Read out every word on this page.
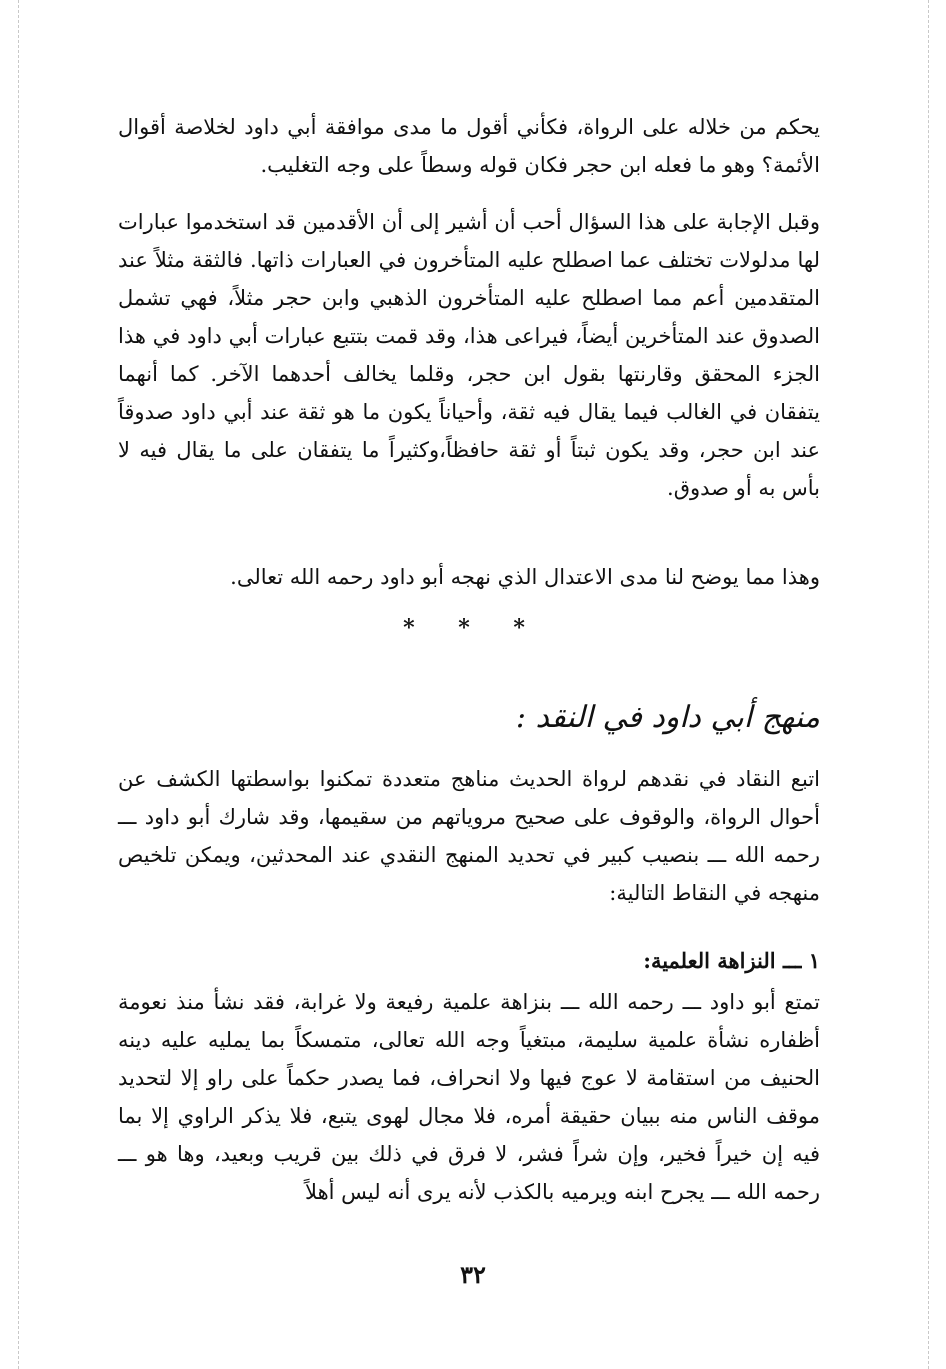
يحكم من خلاله على الرواة، فكأني أقول ما مدى موافقة أبي داود لخلاصة أقوال الأئمة؟ وهو ما فعله ابن حجر فكان قوله وسطاً على وجه التغليب.

وقبل الإجابة على هذا السؤال أحب أن أشير إلى أن الأقدمين قد استخدموا عبارات لها مدلولات تختلف عما اصطلح عليه المتأخرون في العبارات ذاتها. فالثقة مثلاً عند المتقدمين أعم مما اصطلح عليه المتأخرون الذهبي وابن حجر مثلاً، فهي تشمل الصدوق عند المتأخرين أيضاً، فيراعى هذا، وقد قمت بتتبع عبارات أبي داود في هذا الجزء المحقق وقارنتها بقول ابن حجر، وقلما يخالف أحدهما الآخر. كما أنهما يتفقان في الغالب فيما يقال فيه ثقة، وأحياناً يكون ما هو ثقة عند أبي داود صدوقاً عند ابن حجر، وقد يكون ثبتاً أو ثقة حافظاً،وكثيراً ما يتفقان على ما يقال فيه لا بأس به أو صدوق.

وهذا مما يوضح لنا مدى الاعتدال الذي نهجه أبو داود رحمه الله تعالى.

* * *
منهج أبي داود في النقد :

اتبع النقاد في نقدهم لرواة الحديث مناهج متعددة تمكنوا بواسطتها الكشف عن أحوال الرواة، والوقوف على صحيح مروياتهم من سقيمها، وقد شارك أبو داود ـــ رحمه الله ـــ بنصيب كبير في تحديد المنهج النقدي عند المحدثين، ويمكن تلخيص منهجه في النقاط التالية:

١ ـــ النزاهة العلمية:

تمتع أبو داود ـــ رحمه الله ـــ بنزاهة علمية رفيعة ولا غرابة، فقد نشأ منذ نعومة أظفاره نشأة علمية سليمة، مبتغياً وجه الله تعالى، متمسكاً بما يمليه عليه دينه الحنيف من استقامة لا عوج فيها ولا انحراف، فما يصدر حكماً على راو إلا لتحديد موقف الناس منه ببيان حقيقة أمره، فلا مجال لهوى يتبع، فلا يذكر الراوي إلا بما فيه إن خيراً فخير، وإن شراً فشر، لا فرق في ذلك بين قريب وبعيد، وها هو ـــ رحمه الله ـــ يجرح ابنه ويرميه بالكذب لأنه يرى أنه ليس أهلاً

٣٢
